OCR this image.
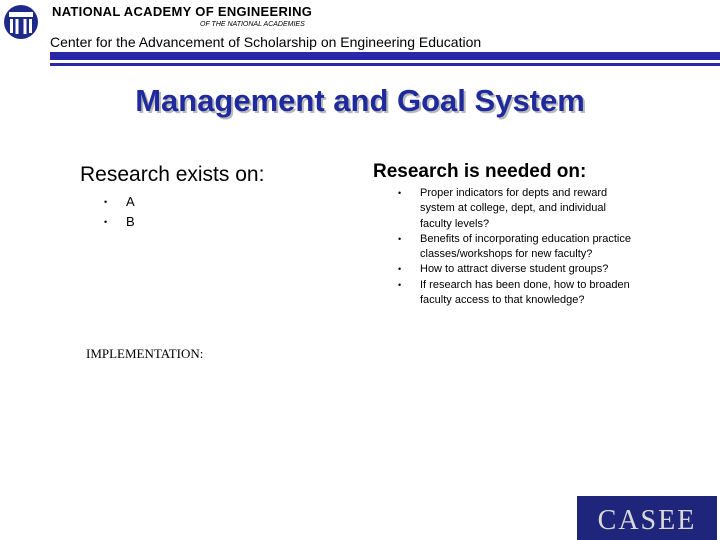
NATIONAL ACADEMY OF ENGINEERING
OF THE NATIONAL ACADEMIES
Center for the Advancement of Scholarship on Engineering Education
Management and Goal System
Research exists on:
• A
• B
Research is needed on:
• Proper indicators for depts and reward system at college, dept, and individual faculty levels?
• Benefits of incorporating education practice classes/workshops for new faculty?
• How to attract diverse student groups?
• If research has been done, how to broaden faculty access to that knowledge?
IMPLEMENTATION:
CASEE
